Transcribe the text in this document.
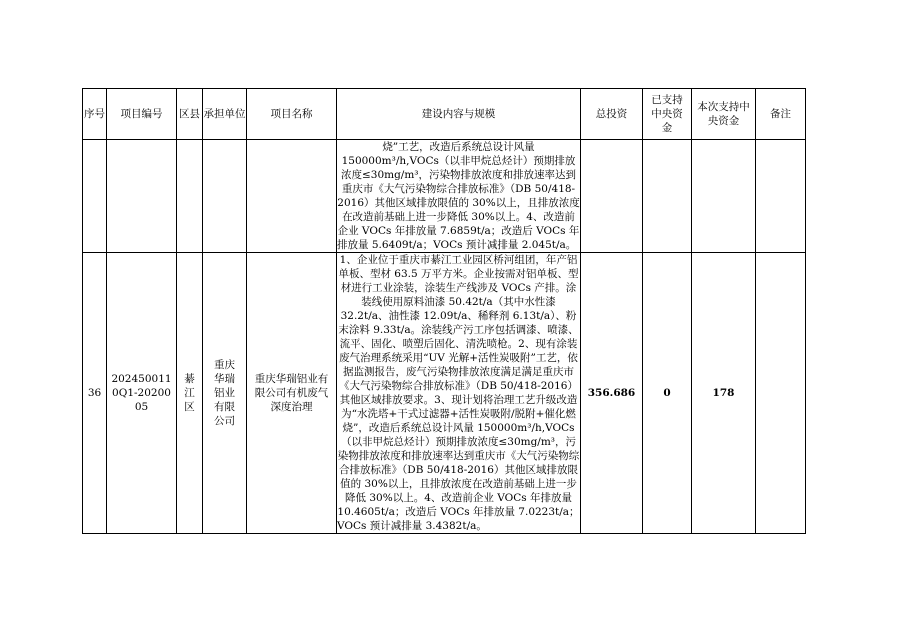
序号	项目编号	区县	承担单位	项目名称	建设内容与规模	总投资	已支持中央资金	本次支持中央资金	备注
					烧”工艺，改造后系统总设计风量 150000m³/h,VOCs（以非甲烷总烃计）预期排放浓度≤30mg/m³，污染物排放浓度和排放速率达到重庆市《大气污染物综合排放标准》（DB 50/418-2016）其他区域排放限值的 30%以上，且排放浓度在改造前基础上进一步降低 30%以上。4、改造前企业 VOCs 年排放量 7.6859t/a；改造后 VOCs 年排放量 5.6409t/a；VOCs 预计减排量 2.045t/a。				
36	2024500110Q1-2020005	綦江区	重庆华瑞铝业有限公司	重庆华瑞铝业有限公司有机废气深度治理	1、企业位于重庆市綦江工业园区桥河组团，年产铝单板、型材 63.5 万平方米。企业按需对铝单板、型材进行工业涂装，涂装生产线涉及 VOCs 产排。涂装线使用原料油漆 50.42t/a（其中水性漆 32.2t/a、油性漆 12.09t/a、稀释剂 6.13t/a）、粉末涂料 9.33t/a。涂装线产污工序包括调漆、喷漆、流平、固化、喷塑后固化、清洗喷枪。2、现有涂装废气治理系统采用“UV 光解+活性炭吸附”工艺，依据监测报告，废气污染物排放浓度满足满足重庆市《大气污染物综合排放标准》（DB 50/418-2016）其他区域排放要求。3、现计划将治理工艺升级改造为“水洗塔+干式过滤器+活性炭吸附/脱附+催化燃烧”，改造后系统总设计风量 150000m³/h,VOCs（以非甲烷总烃计）预期排放浓度≤30mg/m³，污染物排放浓度和排放速率达到重庆市《大气污染物综合排放标准》（DB 50/418-2016）其他区域排放限值的 30%以上，且排放浓度在改造前基础上进一步降低 30%以上。4、改造前企业 VOCs 年排放量 10.4605t/a；改造后 VOCs 年排放量 7.0223t/a；VOCs 预计减排量 3.4382t/a。	356.686	0	178	
